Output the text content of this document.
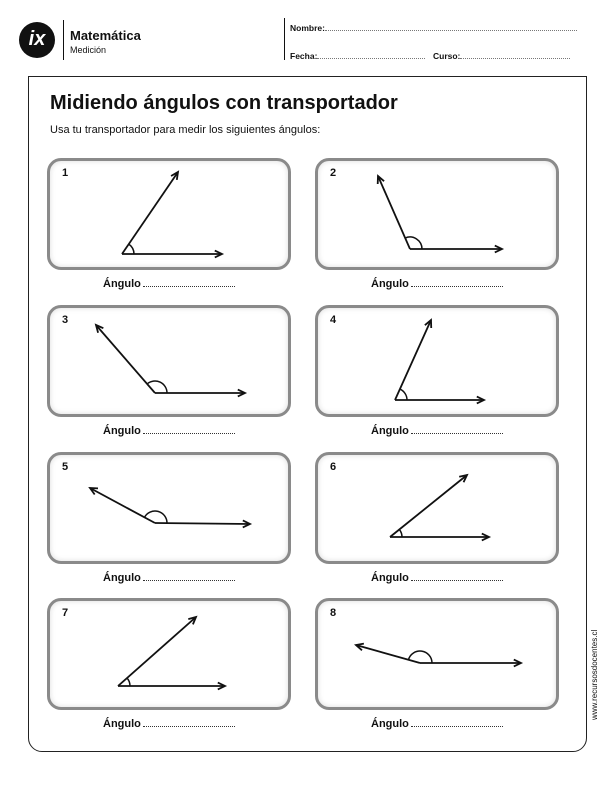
ix	Matemática
Medición
Nombre:
Fecha:	Curso:
Midiendo ángulos con transportador
Usa tu transportador para medir los siguientes ángulos:
1
Ángulo
2
Ángulo
3
Ángulo
4
Ángulo
5
Ángulo
6
Ángulo
7
Ángulo
8
Ángulo
www.recursosdocentes.cl
